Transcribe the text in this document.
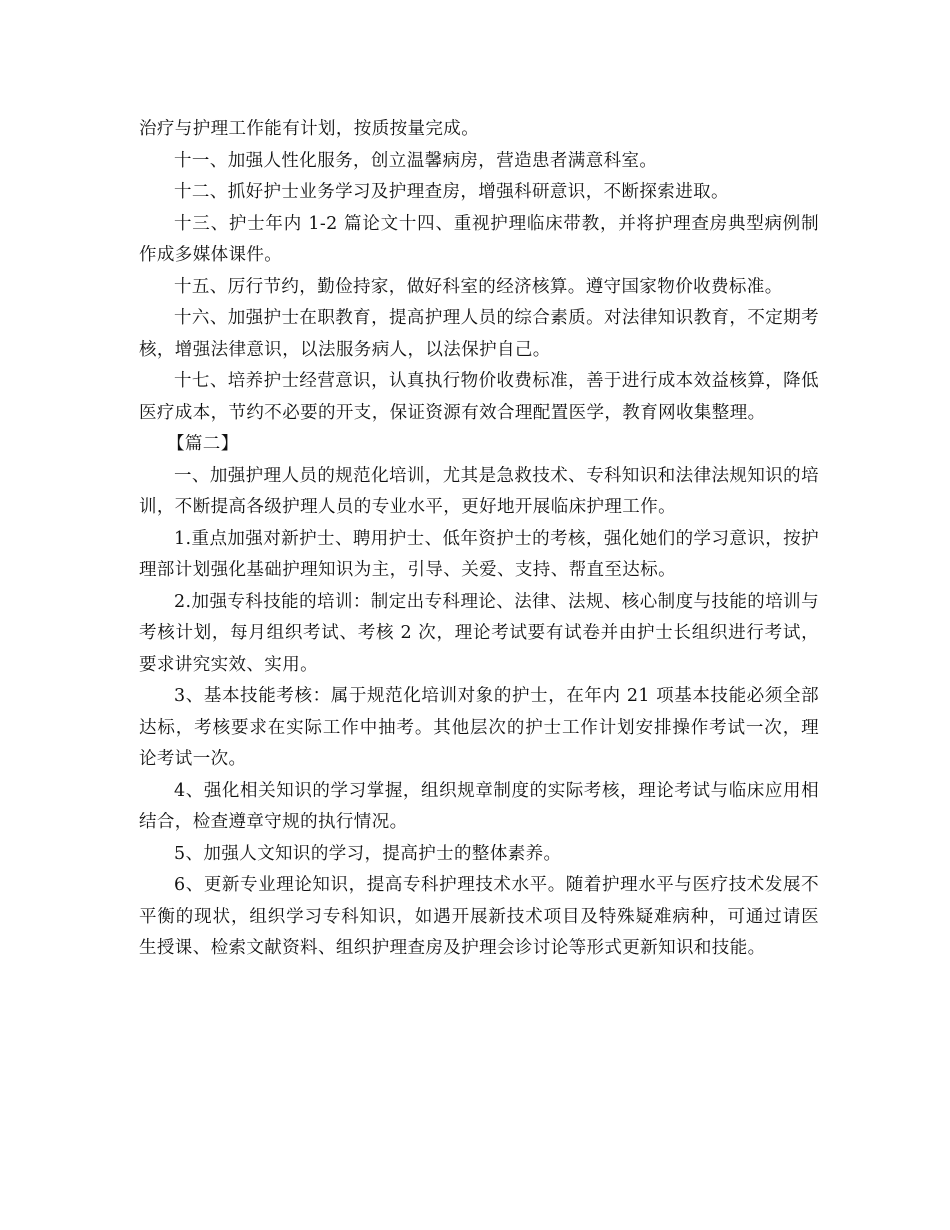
治疗与护理工作能有计划，按质按量完成。

十一、加强人性化服务，创立温馨病房，营造患者满意科室。

十二、抓好护士业务学习及护理查房，增强科研意识，不断探索进取。

十三、护士年内 1-2 篇论文十四、重视护理临床带教，并将护理查房典型病例制作成多媒体课件。

十五、厉行节约，勤俭持家，做好科室的经济核算。遵守国家物价收费标准。

十六、加强护士在职教育，提高护理人员的综合素质。对法律知识教育，不定期考核，增强法律意识，以法服务病人，以法保护自己。

十七、培养护士经营意识，认真执行物价收费标准，善于进行成本效益核算，降低医疗成本，节约不必要的开支，保证资源有效合理配置医学，教育网收集整理。

【篇二】

一、加强护理人员的规范化培训，尤其是急救技术、专科知识和法律法规知识的培训，不断提高各级护理人员的专业水平，更好地开展临床护理工作。

1.重点加强对新护士、聘用护士、低年资护士的考核，强化她们的学习意识，按护理部计划强化基础护理知识为主，引导、关爱、支持、帮直至达标。

2.加强专科技能的培训：制定出专科理论、法律、法规、核心制度与技能的培训与考核计划，每月组织考试、考核 2 次，理论考试要有试卷并由护士长组织进行考试，要求讲究实效、实用。

3、基本技能考核：属于规范化培训对象的护士，在年内 21 项基本技能必须全部达标，考核要求在实际工作中抽考。其他层次的护士工作计划安排操作考试一次，理论考试一次。

4、强化相关知识的学习掌握，组织规章制度的实际考核，理论考试与临床应用相结合，检查遵章守规的执行情况。

5、加强人文知识的学习，提高护士的整体素养。

6、更新专业理论知识，提高专科护理技术水平。随着护理水平与医疗技术发展不平衡的现状，组织学习专科知识，如遇开展新技术项目及特殊疑难病种，可通过请医生授课、检索文献资料、组织护理查房及护理会诊讨论等形式更新知识和技能。
